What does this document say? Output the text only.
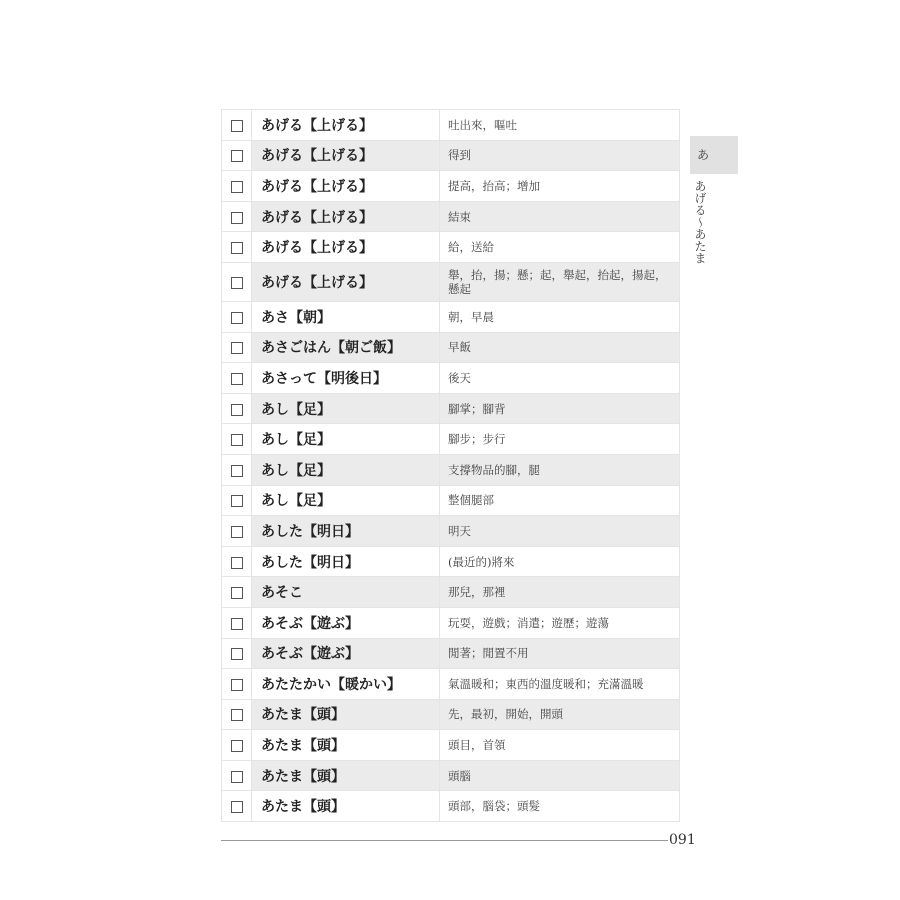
	あげる【上げる】	吐出來，嘔吐
	あげる【上げる】	得到
	あげる【上げる】	提高，抬高；增加
	あげる【上げる】	結束
	あげる【上げる】	給，送給
	あげる【上げる】	舉，抬，揚；懸；起，舉起，抬起，揚起，懸起
	あさ【朝】	朝，早晨
	あさごはん【朝ご飯】	早飯
	あさって【明後日】	後天
	あし【足】	腳掌；腳背
	あし【足】	腳步；步行
	あし【足】	支撐物品的腳，腿
	あし【足】	整個腿部
	あした【明日】	明天
	あした【明日】	(最近的)將來
	あそこ	那兒，那裡
	あそぶ【遊ぶ】	玩耍，遊戲；消遣；遊歷；遊蕩
	あそぶ【遊ぶ】	閒著；閒置不用
	あたたかい【暖かい】	氣溫暖和；東西的溫度暖和；充滿溫暖
	あたま【頭】	先，最初，開始，開頭
	あたま【頭】	頭目，首領
	あたま【頭】	頭腦
	あたま【頭】	頭部，腦袋；頭髮
あ
あげる～あたま
091
